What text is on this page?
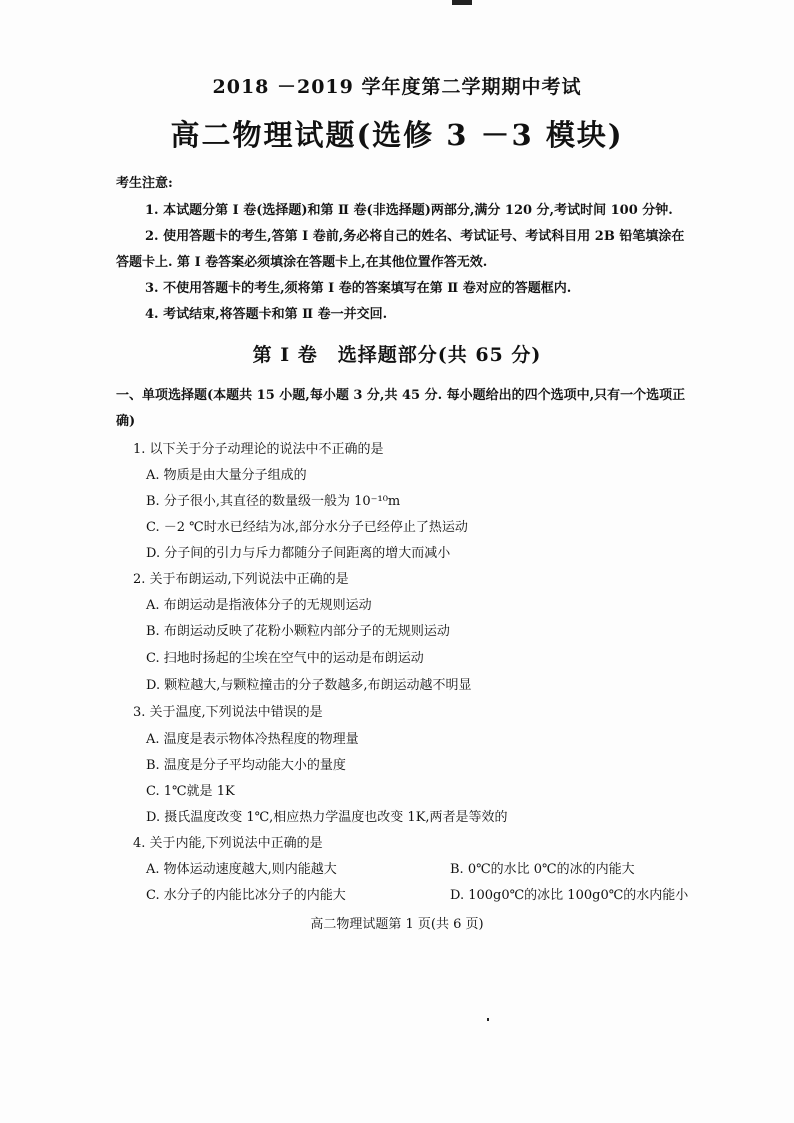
2018 －2019 学年度第二学期期中考试
高二物理试题(选修 3 －3 模块)
考生注意:
1. 本试题分第 Ⅰ 卷(选择题)和第 Ⅱ 卷(非选择题)两部分,满分 120 分,考试时间 100 分钟.
2. 使用答题卡的考生,答第 Ⅰ 卷前,务必将自己的姓名、考试证号、考试科目用 2B 铅笔填涂在
答题卡上. 第 Ⅰ 卷答案必须填涂在答题卡上,在其他位置作答无效.
3. 不使用答题卡的考生,须将第 Ⅰ 卷的答案填写在第 Ⅱ 卷对应的答题框内.
4. 考试结束,将答题卡和第 Ⅱ 卷一并交回.
第 Ⅰ 卷　选择题部分(共 65 分)
一、单项选择题(本题共 15 小题,每小题 3 分,共 45 分. 每小题给出的四个选项中,只有一个选项正
确)
1. 以下关于分子动理论的说法中不正确的是
A. 物质是由大量分子组成的
B. 分子很小,其直径的数量级一般为 10⁻¹⁰m
C. －2 ℃时水已经结为冰,部分水分子已经停止了热运动
D. 分子间的引力与斥力都随分子间距离的增大而减小
2. 关于布朗运动,下列说法中正确的是
A. 布朗运动是指液体分子的无规则运动
B. 布朗运动反映了花粉小颗粒内部分子的无规则运动
C. 扫地时扬起的尘埃在空气中的运动是布朗运动
D. 颗粒越大,与颗粒撞击的分子数越多,布朗运动越不明显
3. 关于温度,下列说法中错误的是
A. 温度是表示物体冷热程度的物理量
B. 温度是分子平均动能大小的量度
C. 1℃就是 1K
D. 摄氏温度改变 1℃,相应热力学温度也改变 1K,两者是等效的
4. 关于内能,下列说法中正确的是
A. 物体运动速度越大,则内能越大	B. 0℃的水比 0℃的冰的内能大
C. 水分子的内能比冰分子的内能大	D. 100g0℃的冰比 100g0℃的水内能小
高二物理试题第 1 页(共 6 页)
